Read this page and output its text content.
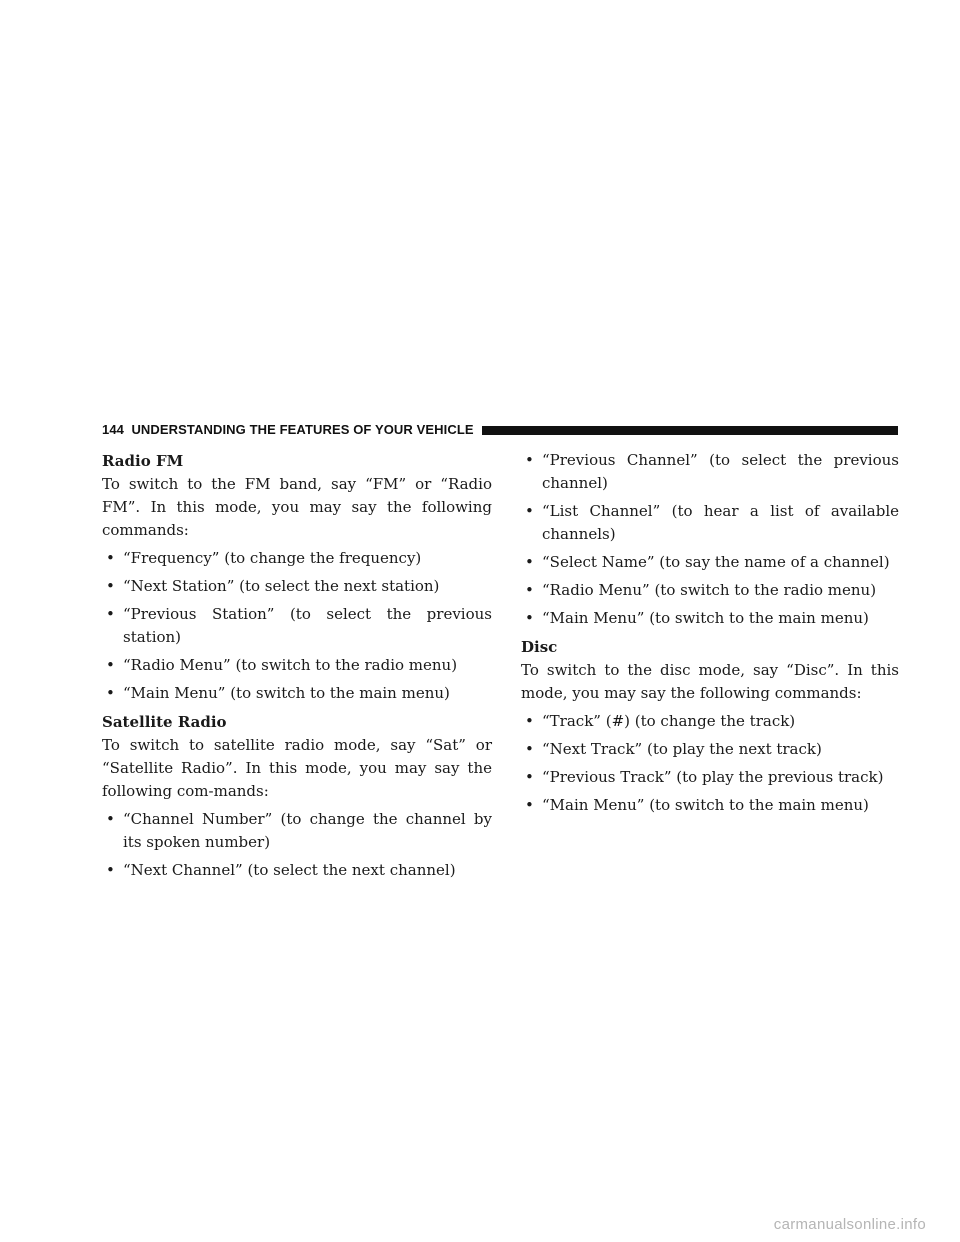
144 UNDERSTANDING THE FEATURES OF YOUR VEHICLE
Radio FM

To switch to the FM band, say “FM” or “Radio FM”. In this mode, you may say the following commands:

• “Frequency” (to change the frequency)
• “Next Station” (to select the next station)
• “Previous Station” (to select the previous station)
• “Radio Menu” (to switch to the radio menu)
• “Main Menu” (to switch to the main menu)
Satellite Radio

To switch to satellite radio mode, say “Sat” or “Satellite Radio”. In this mode, you may say the following com-mands:

• “Channel Number” (to change the channel by its spoken number)
• “Next Channel” (to select the next channel)
• “Previous Channel” (to select the previous channel)
• “List Channel” (to hear a list of available channels)
• “Select Name” (to say the name of a channel)
• “Radio Menu” (to switch to the radio menu)
• “Main Menu” (to switch to the main menu)
Disc

To switch to the disc mode, say “Disc”. In this mode, you may say the following commands:

• “Track” (#) (to change the track)
• “Next Track” (to play the next track)
• “Previous Track” (to play the previous track)
• “Main Menu” (to switch to the main menu)
carmanualsonline.info
